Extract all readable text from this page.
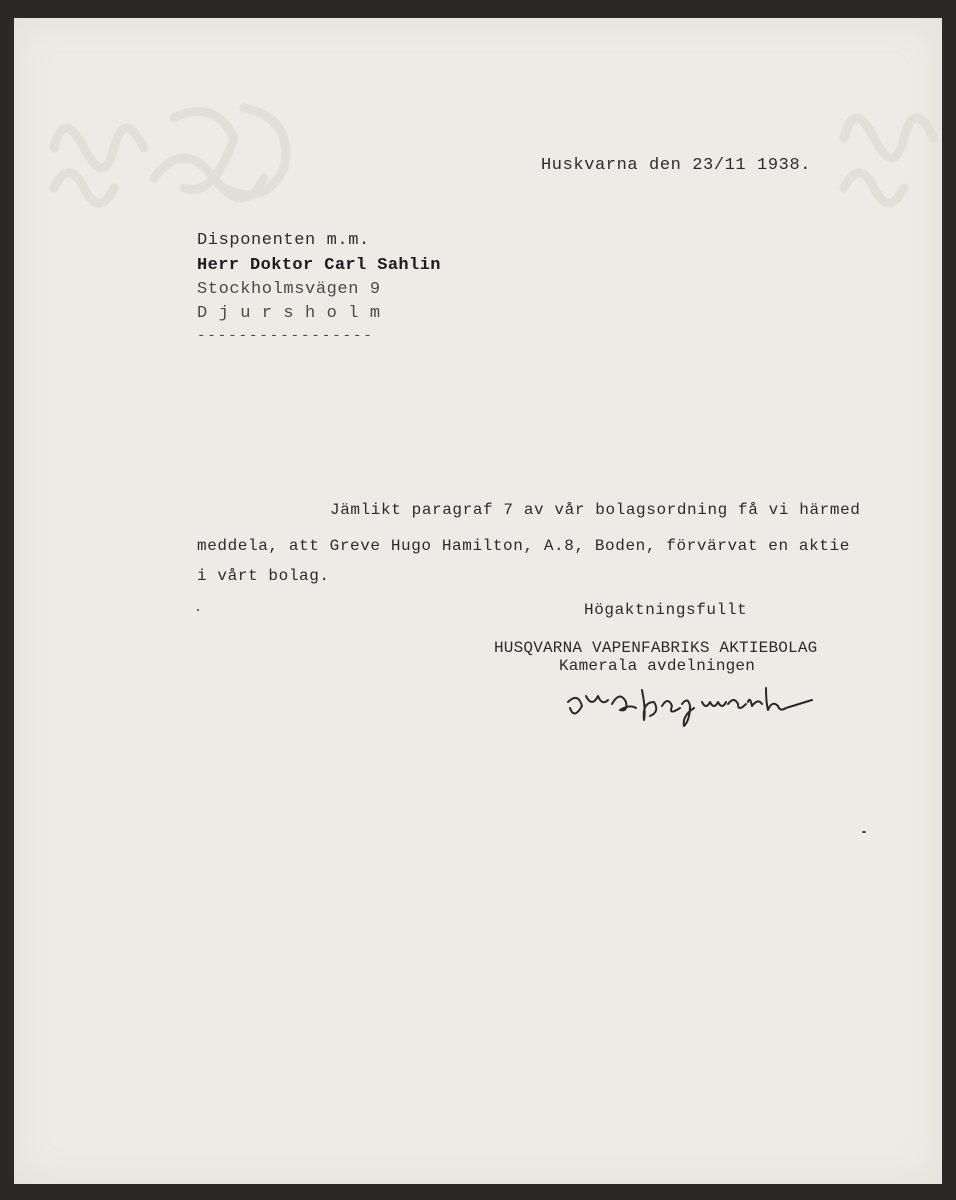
Huskvarna den 23/11 1938.
Disponenten m.m.
Herr Doktor Carl Sahlin
Stockholmsvägen 9
D j u r s h o l m
-----------------
Jämlikt paragraf 7 av vår bolagsordning få vi härmed
meddela, att Greve Hugo Hamilton, A.8, Boden, förvärvat en aktie
i vårt bolag.
Högaktningsfullt
HUSQVARNA VAPENFABRIKS AKTIEBOLAG
Kamerala avdelningen
